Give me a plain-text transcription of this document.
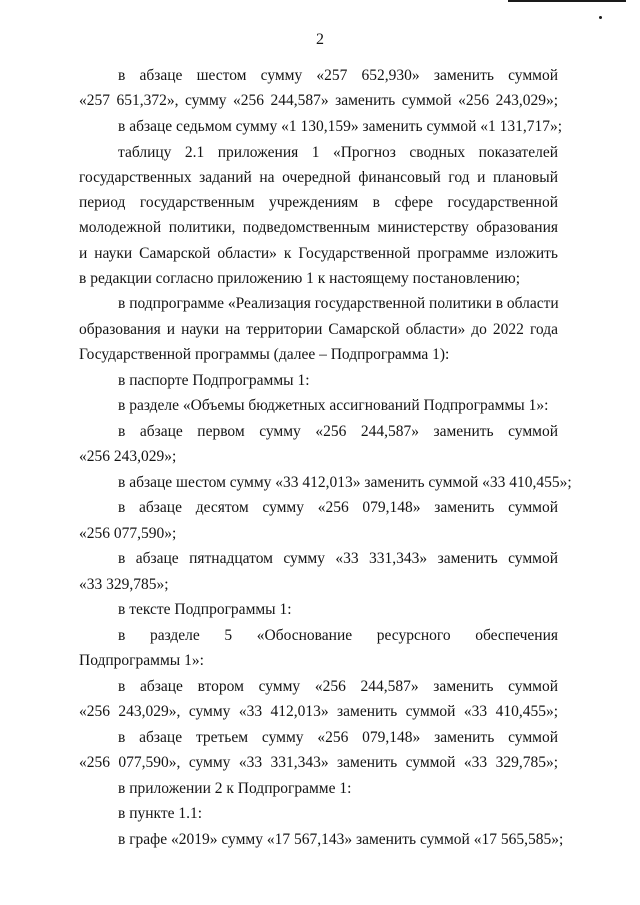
2
в абзаце шестом сумму «257 652,930» заменить суммой
«257 651,372», сумму «256 244,587» заменить суммой «256 243,029»;
в абзаце седьмом сумму «1 130,159» заменить суммой «1 131,717»;
таблицу 2.1 приложения 1 «Прогноз сводных показателей
государственных заданий на очередной финансовый год и плановый
период государственным учреждениям в сфере государственной
молодежной политики, подведомственным министерству образования
и науки Самарской области» к Государственной программе изложить
в редакции согласно приложению 1 к настоящему постановлению;
в подпрограмме «Реализация государственной политики в области
образования и науки на территории Самарской области» до 2022 года
Государственной программы (далее – Подпрограмма 1):
в паспорте Подпрограммы 1:
в разделе «Объемы бюджетных ассигнований Подпрограммы 1»:
в абзаце первом сумму «256 244,587» заменить суммой
«256 243,029»;
в абзаце шестом сумму «33 412,013» заменить суммой «33 410,455»;
в абзаце десятом сумму «256 079,148» заменить суммой
«256 077,590»;
в абзаце пятнадцатом сумму «33 331,343» заменить суммой
«33 329,785»;
в тексте Подпрограммы 1:
в разделе 5 «Обоснование ресурсного обеспечения
Подпрограммы 1»:
в абзаце втором сумму «256 244,587» заменить суммой
«256 243,029», сумму «33 412,013» заменить суммой «33 410,455»;
в абзаце третьем сумму «256 079,148» заменить суммой
«256 077,590», сумму «33 331,343» заменить суммой «33 329,785»;
в приложении 2 к Подпрограмме 1:
в пункте 1.1:
в графе «2019» сумму «17 567,143» заменить суммой «17 565,585»;
